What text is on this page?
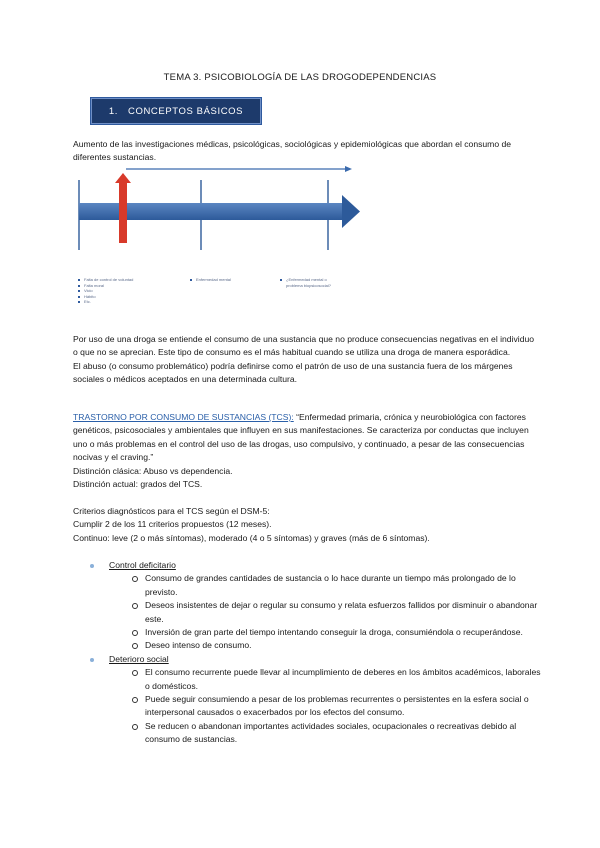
TEMA 3. PSICOBIOLOGÍA DE LAS DROGODEPENDENCIAS
1. CONCEPTOS BÁSICOS
Aumento de las investigaciones médicas, psicológicas, sociológicas y epidemiológicas que abordan el consumo de diferentes sustancias.
Falta de control de voluntad
Falta moral
Vicio
Hábito
Etc.
Enfermedad mental	¿Enfermedad mental o
problema biopsicosocial?

Por uso de una droga se entiende el consumo de una sustancia que no produce consecuencias negativas en el individuo o que no se aprecian. Este tipo de consumo es el más habitual cuando se utiliza una droga de manera esporádica.

El abuso (o consumo problemático) podría definirse como el patrón de uso de una sustancia fuera de los márgenes sociales o médicos aceptados en una determinada cultura.

TRASTORNO POR CONSUMO DE SUSTANCIAS (TCS): “Enfermedad primaria, crónica y neurobiológica con factores genéticos, psicosociales y ambientales que influyen en sus manifestaciones. Se caracteriza por conductas que incluyen uno o más problemas en el control del uso de las drogas, uso compulsivo, y continuado, a pesar de las consecuencias nocivas y el craving.”

Distinción clásica: Abuso vs dependencia.

Distinción actual: grados del TCS.

Criterios diagnósticos para el TCS según el DSM-5:

Cumplir 2 de los 11 criterios propuestos (12 meses).

Continuo: leve (2 o más síntomas), moderado (4 o 5 síntomas) y graves (más de 6 síntomas).

Control deficitario
Consumo de grandes cantidades de sustancia o lo hace durante un tiempo más prolongado de lo previsto.
Deseos insistentes de dejar o regular su consumo y relata esfuerzos fallidos por disminuir o abandonar este.
Inversión de gran parte del tiempo intentando conseguir la droga, consumiéndola o recuperándose.
Deseo intenso de consumo.
Deterioro social
El consumo recurrente puede llevar al incumplimiento de deberes en los ámbitos académicos, laborales o domésticos.
Puede seguir consumiendo a pesar de los problemas recurrentes o persistentes en la esfera social o interpersonal causados o exacerbados por los efectos del consumo.
Se reducen o abandonan importantes actividades sociales, ocupacionales o recreativas debido al consumo de sustancias.
